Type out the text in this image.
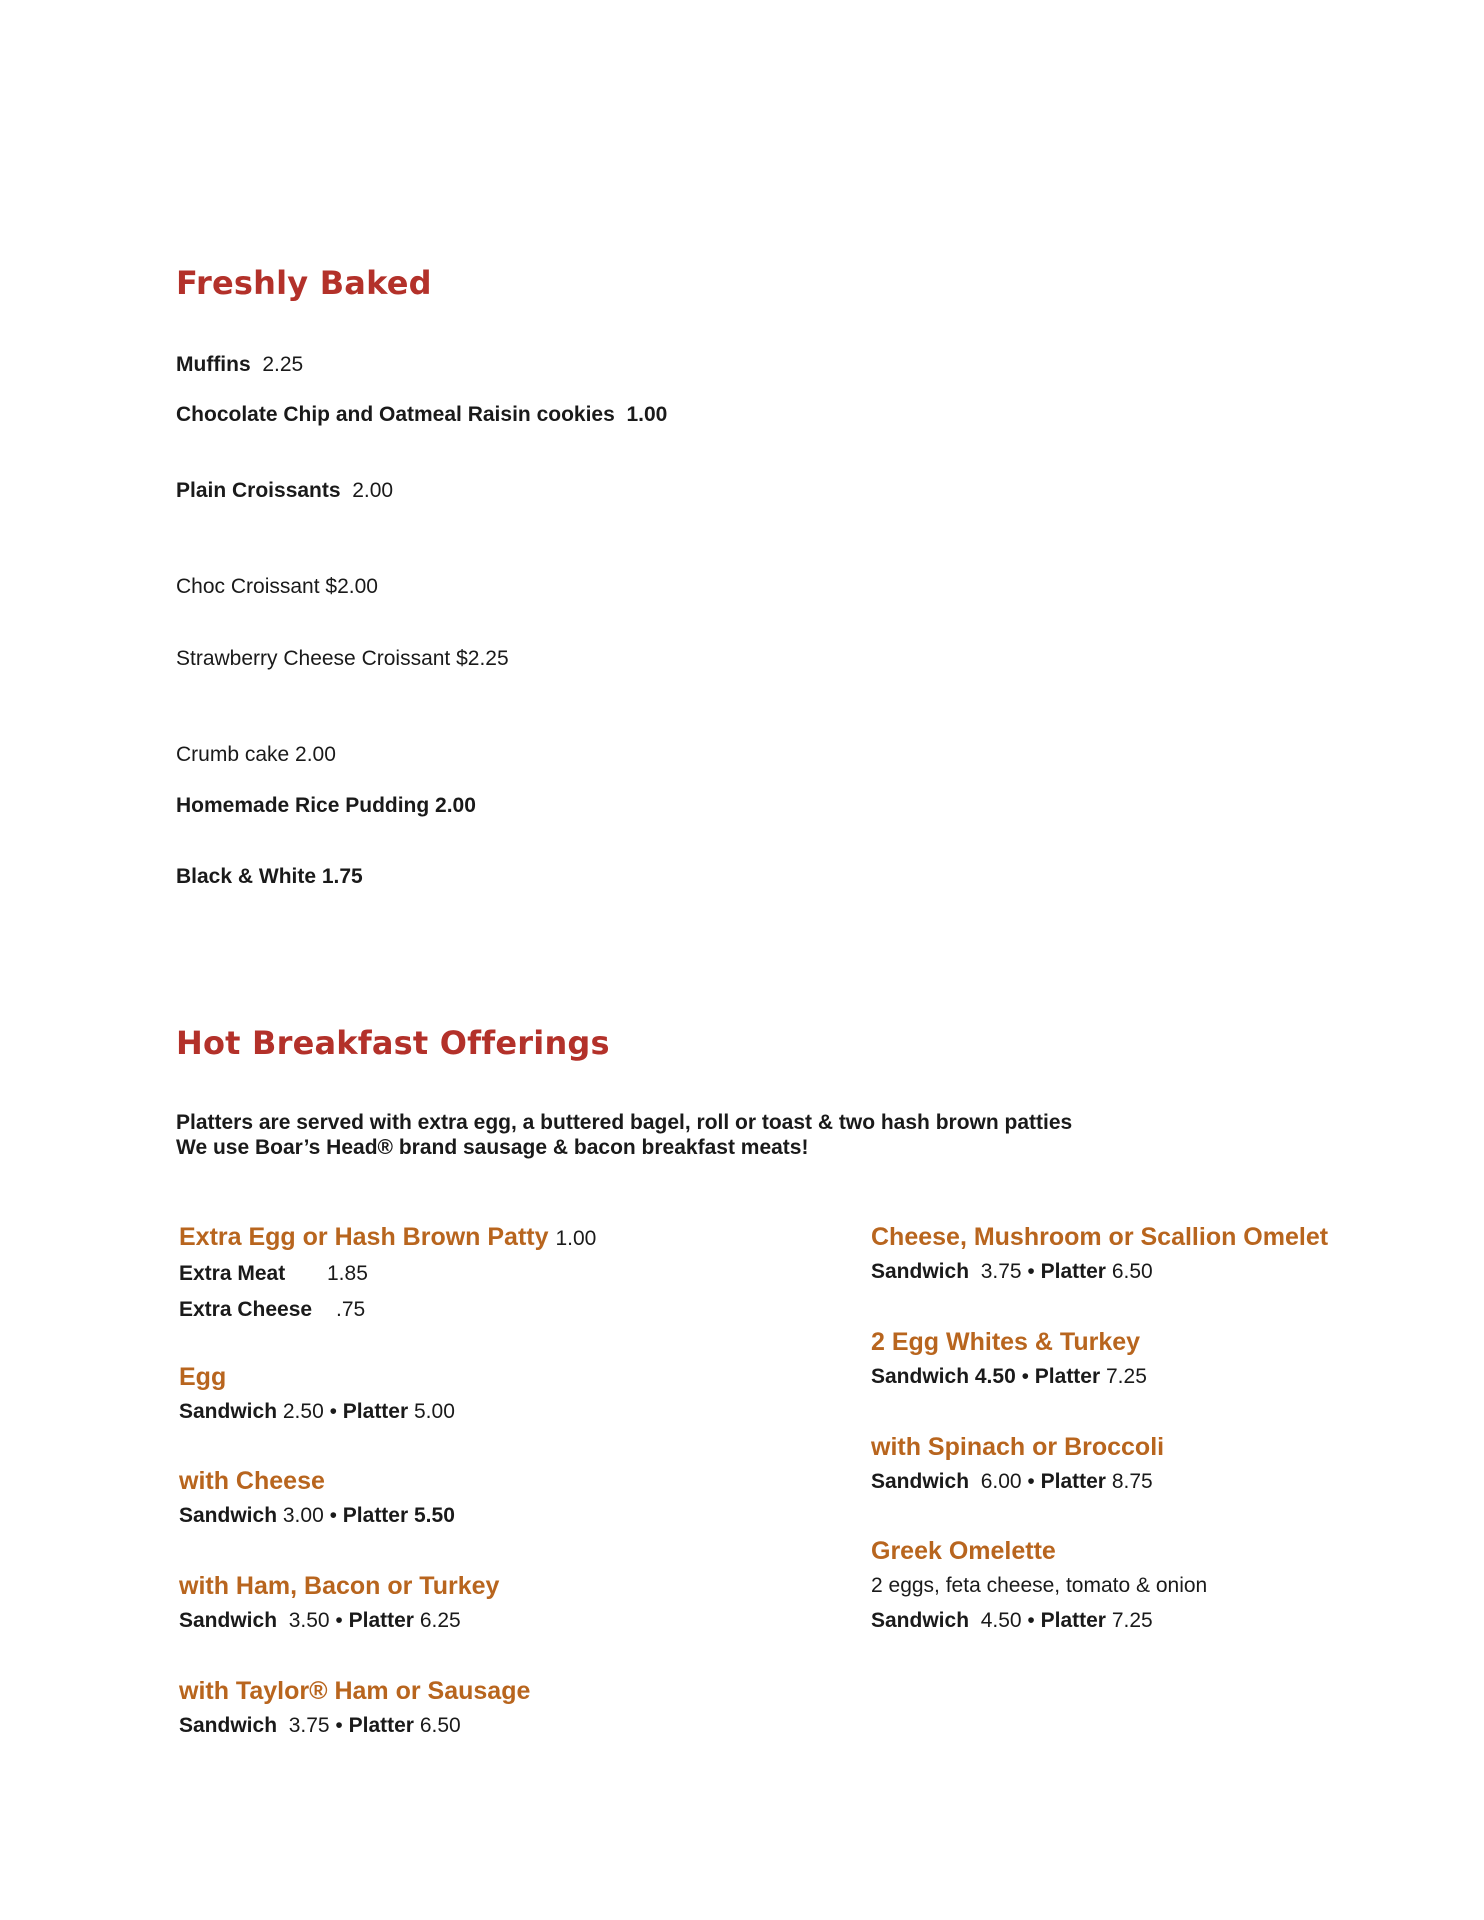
Freshly Baked
Muffins 2.25
Chocolate Chip and Oatmeal Raisin cookies 1.00
Plain Croissants 2.00
Choc Croissant $2.00
Strawberry Cheese Croissant $2.25
Crumb cake 2.00
Homemade Rice Pudding 2.00
Black & White 1.75
Hot Breakfast Offerings
Platters are served with extra egg, a buttered bagel, roll or toast & two hash brown patties
We use Boar’s Head® brand sausage & bacon breakfast meats!
Extra Egg or Hash Brown Patty 1.00
Extra Meat 1.85
Extra Cheese .75
Egg
Sandwich 2.50 • Platter 5.00
with Cheese
Sandwich 3.00 • Platter 5.50
with Ham, Bacon or Turkey
Sandwich 3.50 • Platter 6.25
with Taylor® Ham or Sausage
Sandwich 3.75 • Platter 6.50
Cheese, Mushroom or Scallion Omelet
Sandwich 3.75 • Platter 6.50
2 Egg Whites & Turkey
Sandwich 4.50 • Platter 7.25
with Spinach or Broccoli
Sandwich 6.00 • Platter 8.75
Greek Omelette
2 eggs, feta cheese, tomato & onion
Sandwich 4.50 • Platter 7.25
